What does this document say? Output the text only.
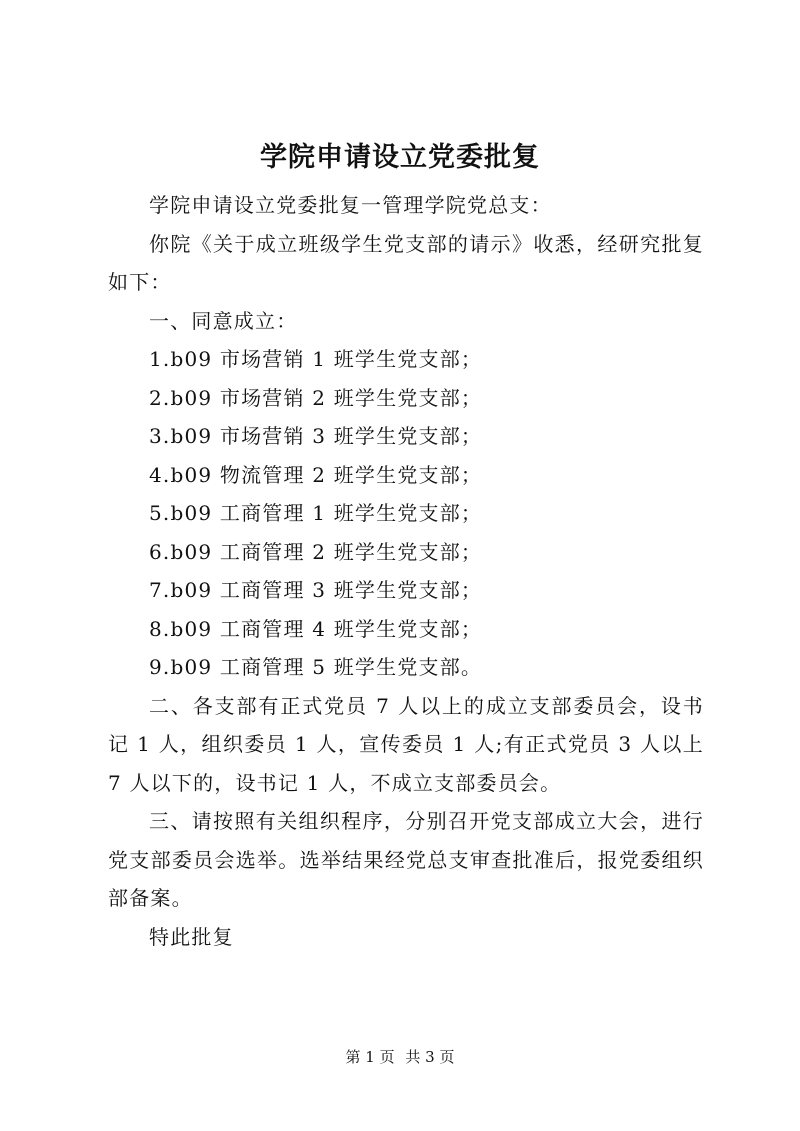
学院申请设立党委批复

学院申请设立党委批复一管理学院党总支：

你院《关于成立班级学生党支部的请示》收悉，经研究批复如下：

一、同意成立：

1.b09 市场营销 1 班学生党支部；

2.b09 市场营销 2 班学生党支部；

3.b09 市场营销 3 班学生党支部；

4.b09 物流管理 2 班学生党支部；

5.b09 工商管理 1 班学生党支部；

6.b09 工商管理 2 班学生党支部；

7.b09 工商管理 3 班学生党支部；

8.b09 工商管理 4 班学生党支部；

9.b09 工商管理 5 班学生党支部。

二、各支部有正式党员 7 人以上的成立支部委员会，设书记 1 人，组织委员 1 人，宣传委员 1 人;有正式党员 3 人以上 7 人以下的，设书记 1 人，不成立支部委员会。

三、请按照有关组织程序，分别召开党支部成立大会，进行党支部委员会选举。选举结果经党总支审查批准后，报党委组织部备案。

特此批复

第 1 页 共 3 页
